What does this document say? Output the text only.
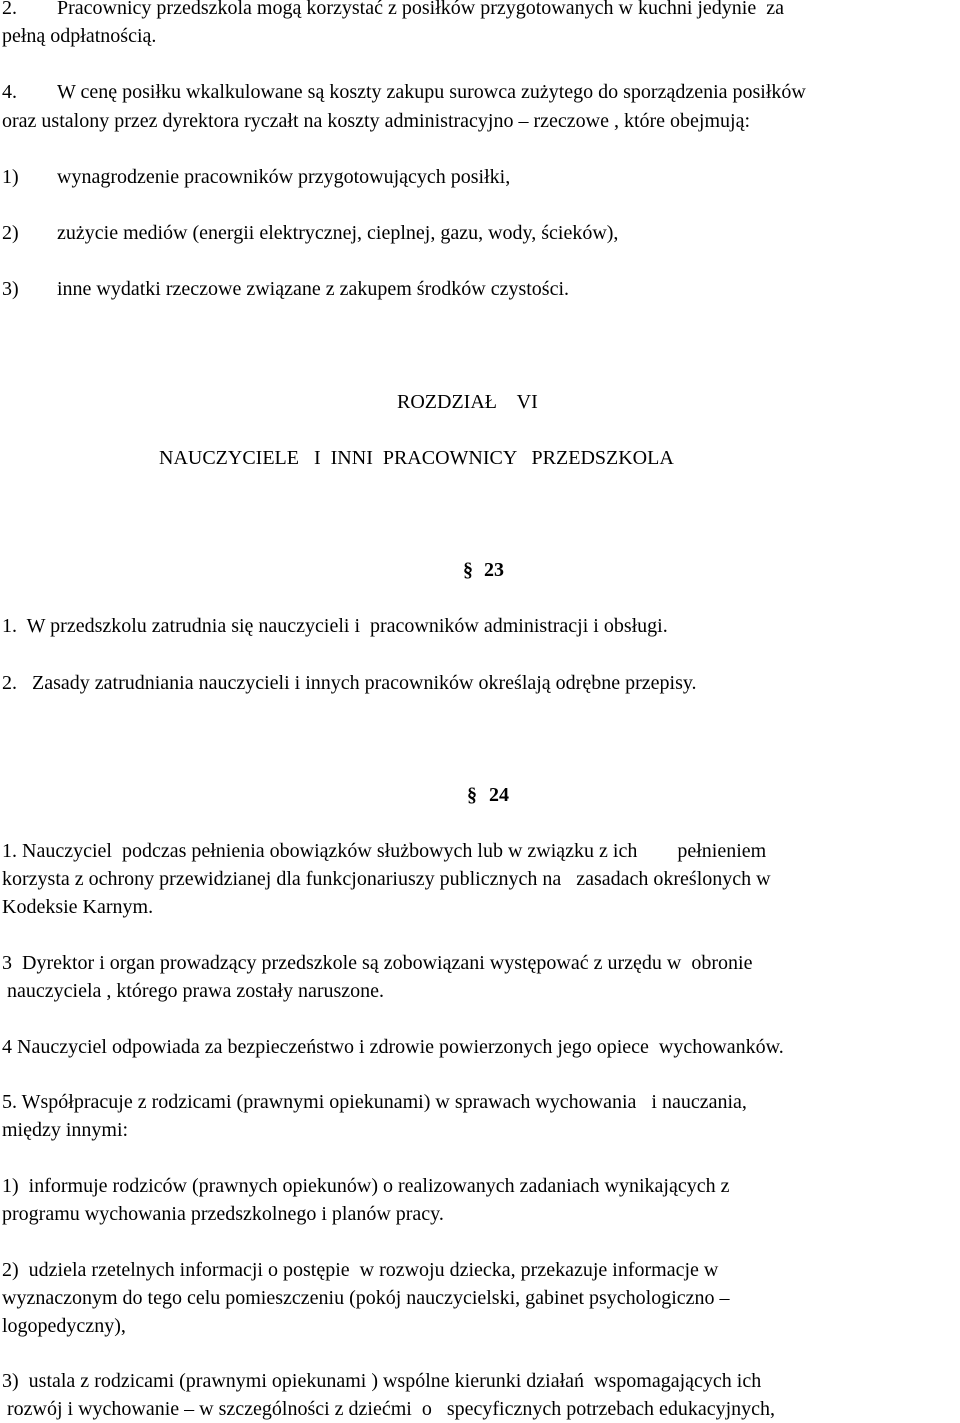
2. Pracownicy przedszkola mogą korzystać z posiłków przygotowanych w kuchni jedynie  za
pełną odpłatnością.
4. W cenę posiłku wkalkulowane są koszty zakupu surowca zużytego do sporządzenia posiłków
oraz ustalony przez dyrektora ryczałt na koszty administracyjno – rzeczowe , które obejmują:
1) wynagrodzenie pracowników przygotowujących posiłki,
2) zużycie mediów (energii elektrycznej, cieplnej, gazu, wody, ścieków),
3) inne wydatki rzeczowe związane z zakupem środków czystości.
ROZDZIAŁ    VI
NAUCZYCIELE   I  INNI  PRACOWNICY   PRZEDSZKOLA
§ 23
1.  W przedszkolu zatrudnia się nauczycieli i  pracowników administracji i obsługi.
2.   Zasady zatrudniania nauczycieli i innych pracowników określają odrębne przepisy.
§ 24
1. Nauczyciel  podczas pełnienia obowiązków służbowych lub w związku z ich        pełnieniem
korzysta z ochrony przewidzianej dla funkcjonariuszy publicznych na   zasadach określonych w
Kodeksie Karnym.
3  Dyrektor i organ prowadzący przedszkole są zobowiązani występować z urzędu w  obronie
nauczyciela , którego prawa zostały naruszone.
4 Nauczyciel odpowiada za bezpieczeństwo i zdrowie powierzonych jego opiece  wychowanków.
5. Współpracuje z rodzicami (prawnymi opiekunami) w sprawach wychowania   i nauczania,
między innymi:
1)  informuje rodziców (prawnych opiekunów) o realizowanych zadaniach wynikających z
programu wychowania przedszkolnego i planów pracy.
2)  udziela rzetelnych informacji o postępie  w rozwoju dziecka, przekazuje informacje w
wyznaczonym do tego celu pomieszczeniu (pokój nauczycielski, gabinet psychologiczno –
logopedyczny),
3)  ustala z rodzicami (prawnymi opiekunami ) wspólne kierunki działań  wspomagających ich
rozwój i wychowanie – w szczególności z dziećmi  o   specyficznych potrzebach edukacyjnych,
